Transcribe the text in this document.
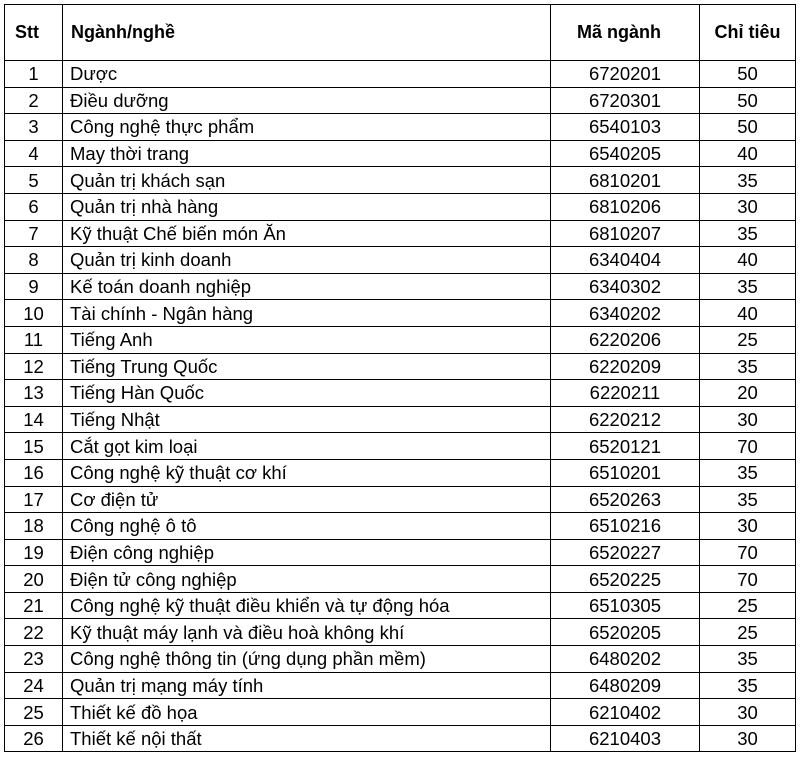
Stt	Ngành/nghề	Mã ngành	Chỉ tiêu
1	Dược	6720201	50
2	Điều dưỡng	6720301	50
3	Công nghệ thực phẩm	6540103	50
4	May thời trang	6540205	40
5	Quản trị khách sạn	6810201	35
6	Quản trị nhà hàng	6810206	30
7	Kỹ thuật Chế biến món Ăn	6810207	35
8	Quản trị kinh doanh	6340404	40
9	Kế toán doanh nghiệp	6340302	35
10	Tài chính - Ngân hàng	6340202	40
11	Tiếng Anh	6220206	25
12	Tiếng Trung Quốc	6220209	35
13	Tiếng Hàn Quốc	6220211	20
14	Tiếng Nhật	6220212	30
15	Cắt gọt kim loại	6520121	70
16	Công nghệ kỹ thuật cơ khí	6510201	35
17	Cơ điện tử	6520263	35
18	Công nghệ ô tô	6510216	30
19	Điện công nghiệp	6520227	70
20	Điện tử công nghiệp	6520225	70
21	Công nghệ kỹ thuật điều khiển và tự động hóa	6510305	25
22	Kỹ thuật máy lạnh và điều hoà không khí	6520205	25
23	Công nghệ thông tin (ứng dụng phần mềm)	6480202	35
24	Quản trị mạng máy tính	6480209	35
25	Thiết kế đồ họa	6210402	30
26	Thiết kế nội thất	6210403	30
